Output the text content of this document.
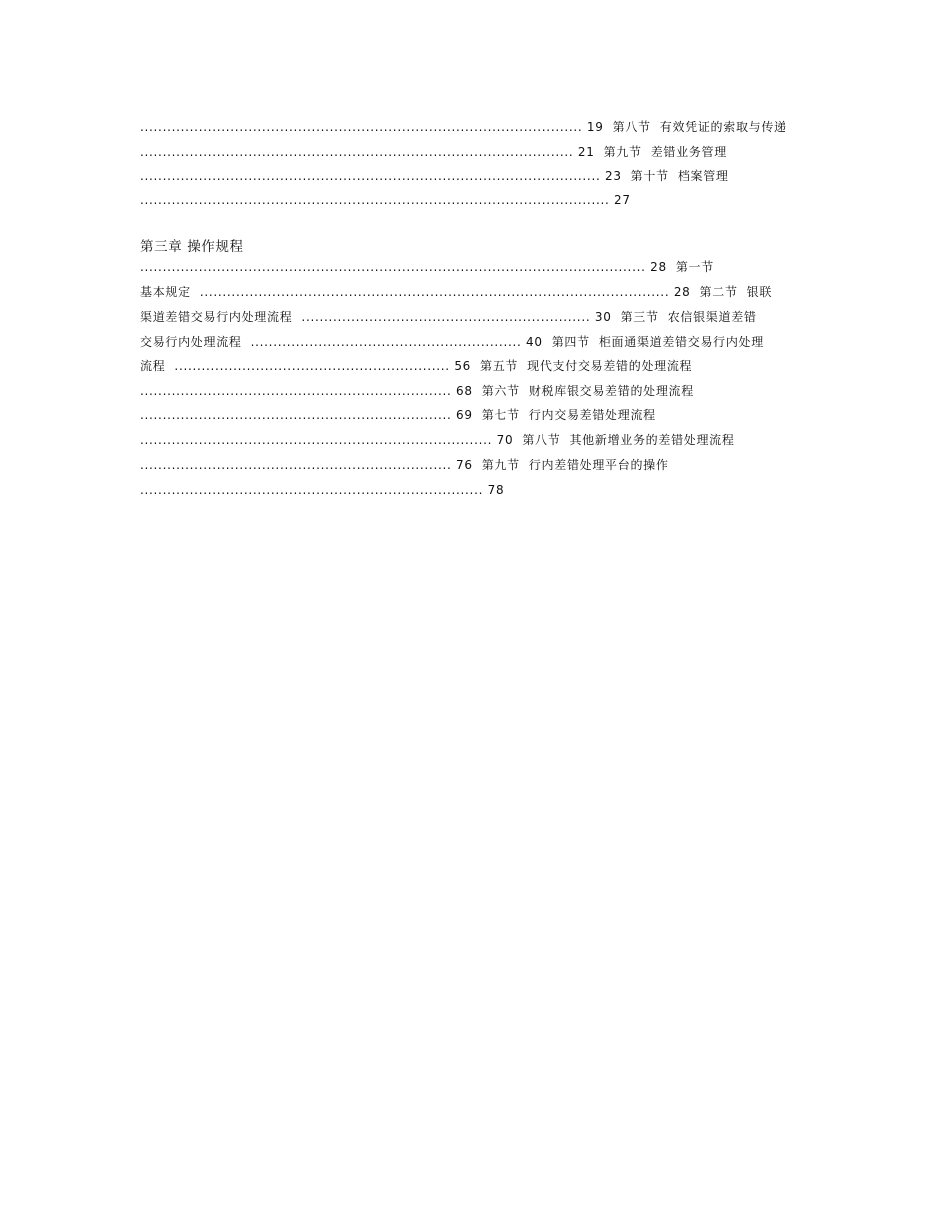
.................................................................................................. 19  第八节  有效凭证的索取与传递
................................................................................................ 21  第九节  差错业务管理
...................................................................................................... 23  第十节  档案管理
........................................................................................................ 27
第三章 操作规程
................................................................................................................ 28  第一节
基本规定  ........................................................................................................ 28  第二节  银联
渠道差错交易行内处理流程  ................................................................ 30  第三节  农信银渠道差错
交易行内处理流程  ............................................................ 40  第四节  柜面通渠道差错交易行内处理
流程  ............................................................. 56  第五节  现代支付交易差错的处理流程
..................................................................... 68  第六节  财税库银交易差错的处理流程
..................................................................... 69  第七节  行内交易差错处理流程
.............................................................................. 70  第八节  其他新增业务的差错处理流程
..................................................................... 76  第九节  行内差错处理平台的操作
............................................................................ 78
